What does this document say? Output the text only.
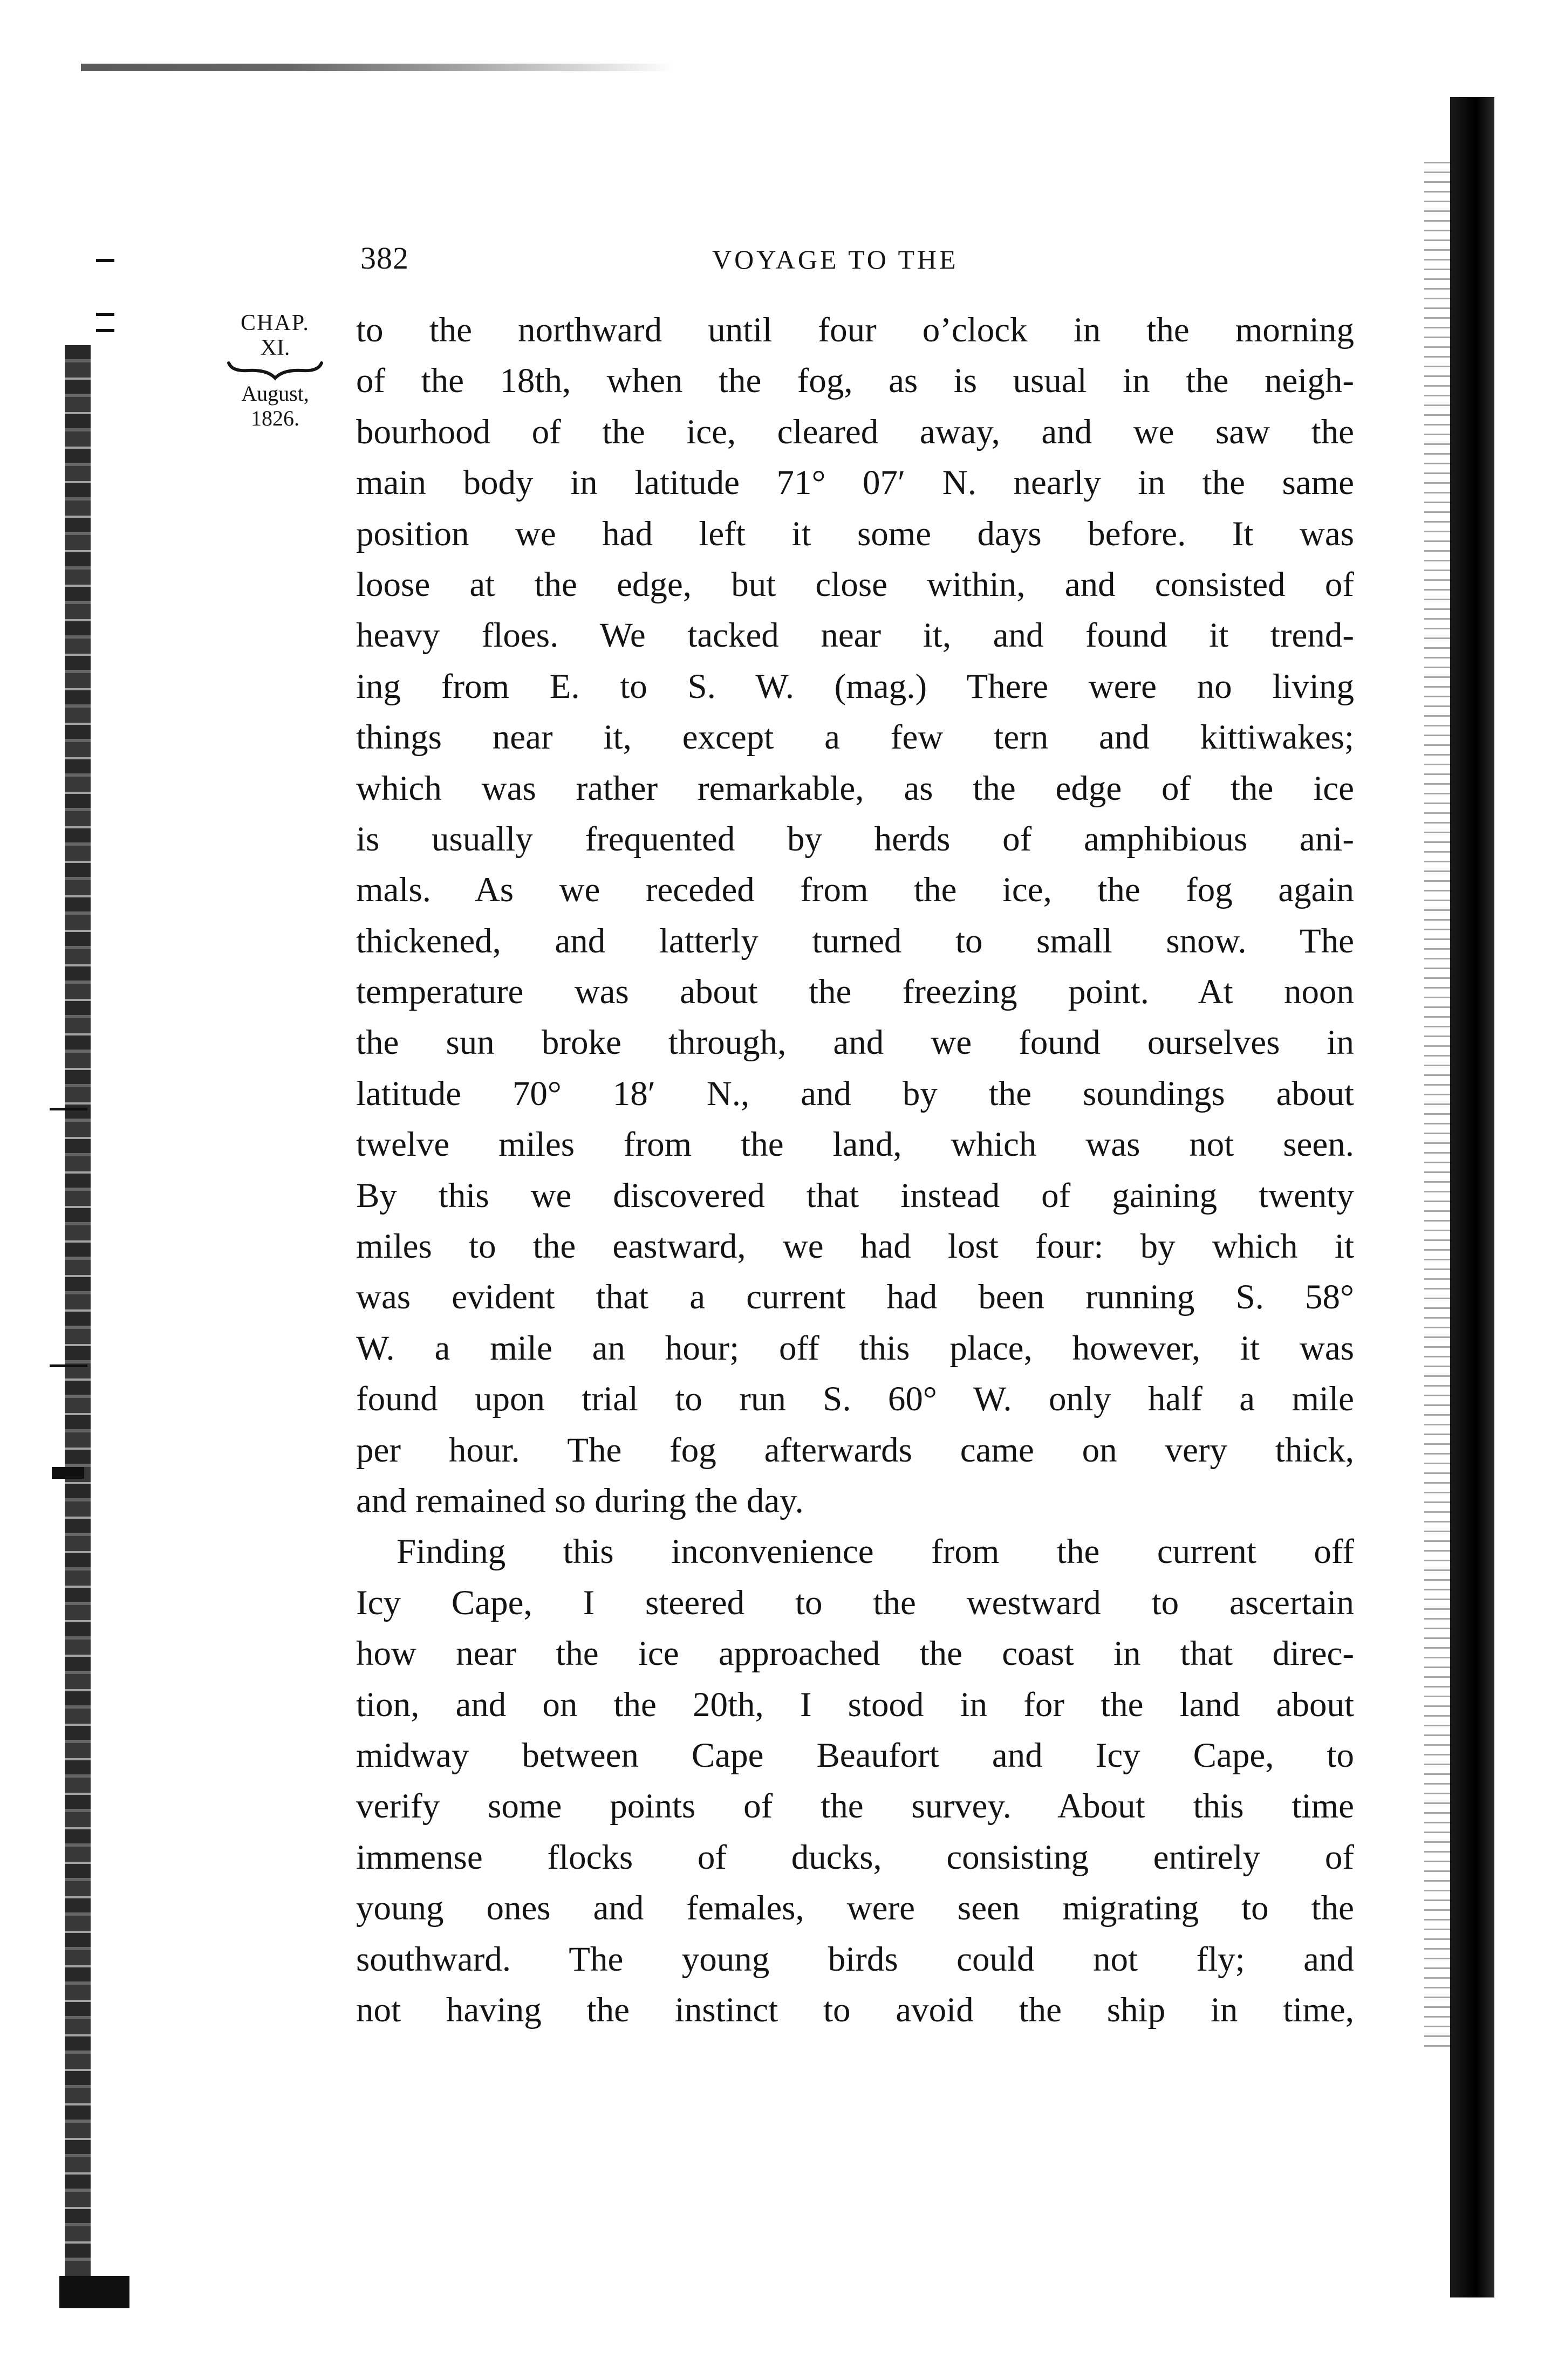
382	VOYAGE TO THE
CHAP.
XI.
August,
1826.
to the northward until four o’clock in the morning
of the 18th, when the fog, as is usual in the neigh-
bourhood of the ice, cleared away, and we saw the
main body in latitude 71° 07′ N. nearly in the same
position we had left it some days before. It was
loose at the edge, but close within, and consisted of
heavy floes. We tacked near it, and found it trend-
ing from E. to S. W. (mag.) There were no living
things near it, except a few tern and kittiwakes;
which was rather remarkable, as the edge of the ice
is usually frequented by herds of amphibious ani-
mals. As we receded from the ice, the fog again
thickened, and latterly turned to small snow. The
temperature was about the freezing point. At noon
the sun broke through, and we found ourselves in
latitude 70° 18′ N., and by the soundings about
twelve miles from the land, which was not seen.
By this we discovered that instead of gaining twenty
miles to the eastward, we had lost four: by which it
was evident that a current had been running S. 58°
W. a mile an hour; off this place, however, it was
found upon trial to run S. 60° W. only half a mile
per hour. The fog afterwards came on very thick,
and remained so during the day.
Finding this inconvenience from the current off
Icy Cape, I steered to the westward to ascertain
how near the ice approached the coast in that direc-
tion, and on the 20th, I stood in for the land about
midway between Cape Beaufort and Icy Cape, to
verify some points of the survey. About this time
immense flocks of ducks, consisting entirely of
young ones and females, were seen migrating to the
southward. The young birds could not fly; and
not having the instinct to avoid the ship in time,
